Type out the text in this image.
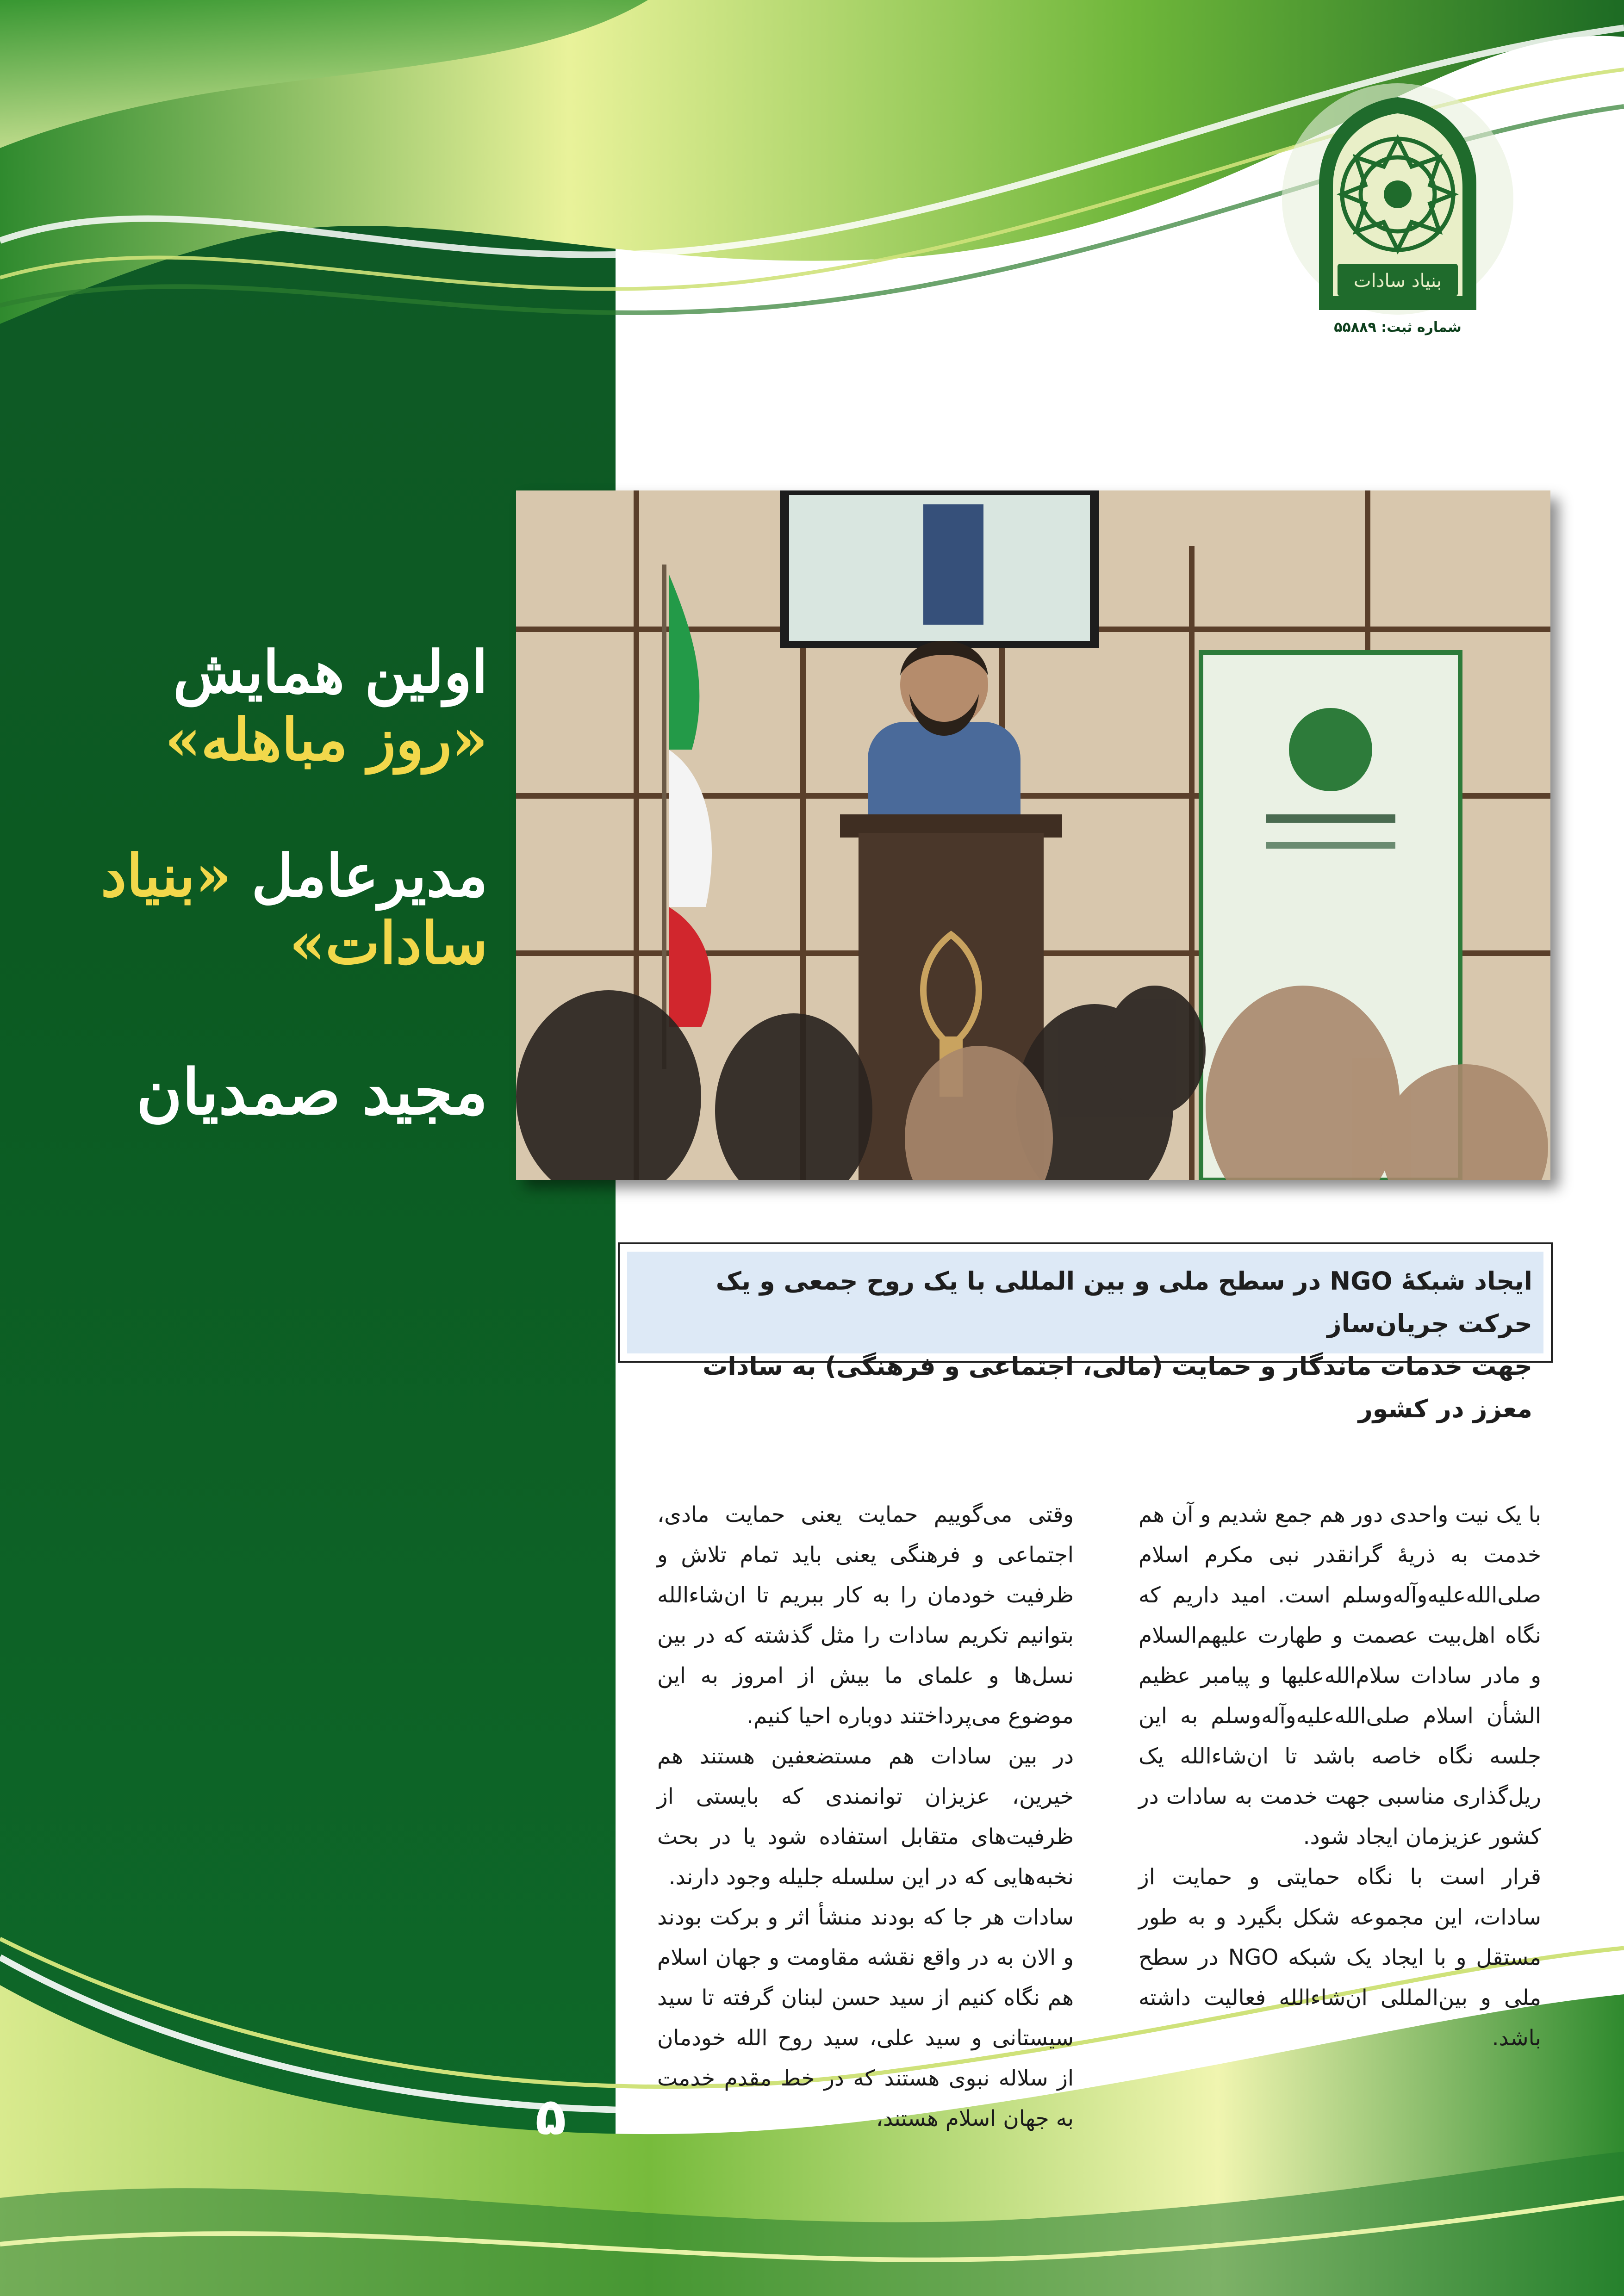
بنیاد سادات
شماره ثبت: ۵۵۸۸۹
اولین همایش «روز مباهله»
مدیرعامل «بنیاد سادات»
مجید صمدیان
ایجاد شبکهٔ NGO در سطح ملی و بین المللی با یک روح جمعی و یک حرکت جریان‌ساز
جهت خدمات ماندگار و حمایت (مالی، اجتماعی و فرهنگی) به سادات معزز در کشور

با یک نیت واحدی دور هم جمع شدیم و آن هم خدمت به ذریهٔ گرانقدر نبی مکرم اسلام صلی‌الله‌علیه‌وآله‌وسلم است. امید داریم که نگاه اهل‌بیت عصمت و طهارت علیهم‌السلام و مادر سادات سلام‌الله‌علیها و پیامبر عظیم الشأن اسلام صلی‌الله‌علیه‌وآله‌وسلم به این جلسه نگاه خاصه باشد تا ان‌شاءالله یک ریل‌گذاری مناسبی جهت خدمت به سادات در کشور عزیزمان ایجاد شود.

قرار است با نگاه حمایتی و حمایت از سادات، این مجموعه شکل بگیرد و به طور مستقل و با ایجاد یک شبکه NGO در سطح ملی و بین‌المللی ان‌شاءالله فعالیت داشته باشد.

وقتی می‌گوییم حمایت یعنی حمایت مادی، اجتماعی و فرهنگی یعنی باید تمام تلاش و ظرفیت خودمان را به کار ببریم تا ان‌شاءالله بتوانیم تکریم سادات را مثل گذشته که در بین نسل‌ها و علمای ما بیش از امروز به این موضوع می‌پرداختند دوباره احیا کنیم.

در بین سادات هم مستضعفین هستند هم خیرین، عزیزان توانمندی که بایستی از ظرفیت‌های متقابل استفاده شود یا در بحث نخبه‌هایی که در این سلسله جلیله وجود دارند.

سادات هر جا که بودند منشأ اثر و برکت بودند و الان به در واقع نقشه مقاومت و جهان اسلام هم نگاه کنیم از سید حسن لبنان گرفته تا سید سیستانی و سید علی، سید روح الله خودمان از سلاله نبوی هستند که در خط مقدم خدمت به جهان اسلام هستند،

۵
